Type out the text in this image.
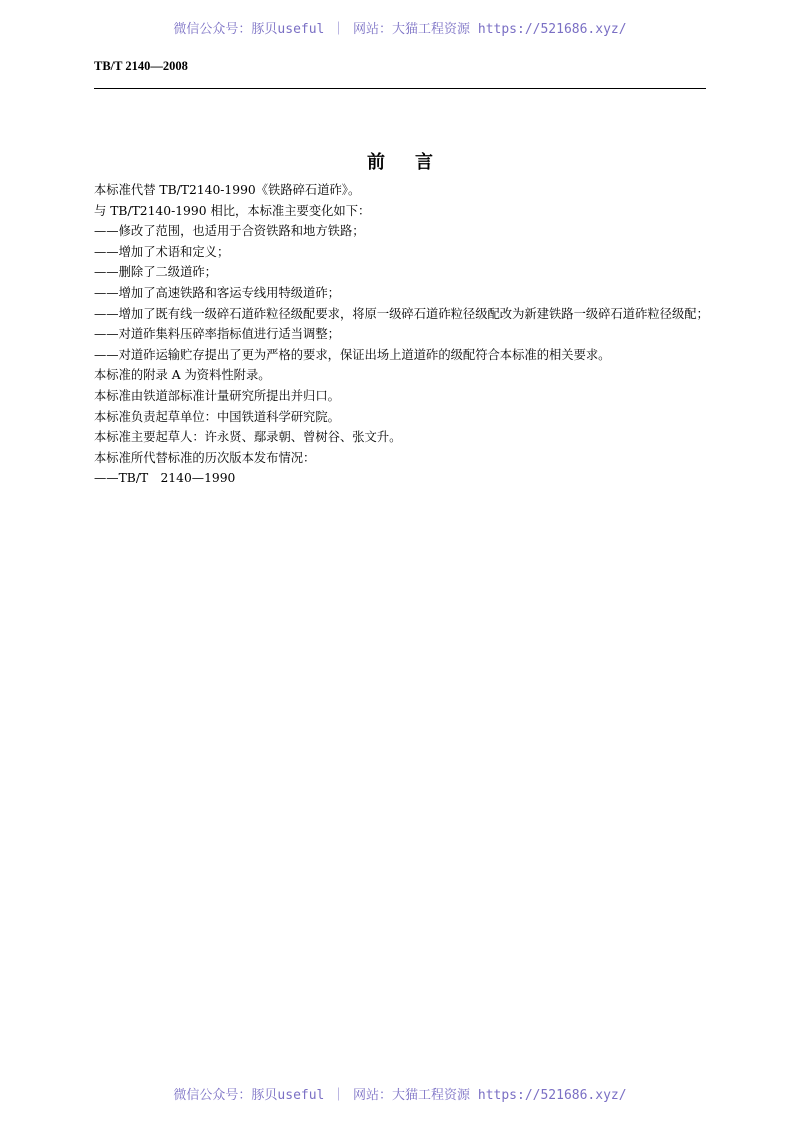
微信公众号：豚贝useful ｜ 网站：大猫工程资源 https://521686.xyz/
TB/T 2140—2008
前言

本标准代替 TB/T2140-1990《铁路碎石道砟》。

与 TB/T2140-1990 相比，本标准主要变化如下：

——修改了范围，也适用于合资铁路和地方铁路；

——增加了术语和定义；

——删除了二级道砟；

——增加了高速铁路和客运专线用特级道砟；

——增加了既有线一级碎石道砟粒径级配要求，将原一级碎石道砟粒径级配改为新建铁路一级碎石道砟粒径级配；

——对道砟集料压碎率指标值进行适当调整；

——对道砟运输贮存提出了更为严格的要求，保证出场上道道砟的级配符合本标准的相关要求。

本标准的附录 A 为资料性附录。

本标准由铁道部标准计量研究所提出并归口。

本标准负责起草单位：中国铁道科学研究院。

本标准主要起草人：许永贤、鄢录朝、曾树谷、张文升。

本标准所代替标准的历次版本发布情况：

——TB/T　2140—1990

微信公众号：豚贝useful ｜ 网站：大猫工程资源 https://521686.xyz/
